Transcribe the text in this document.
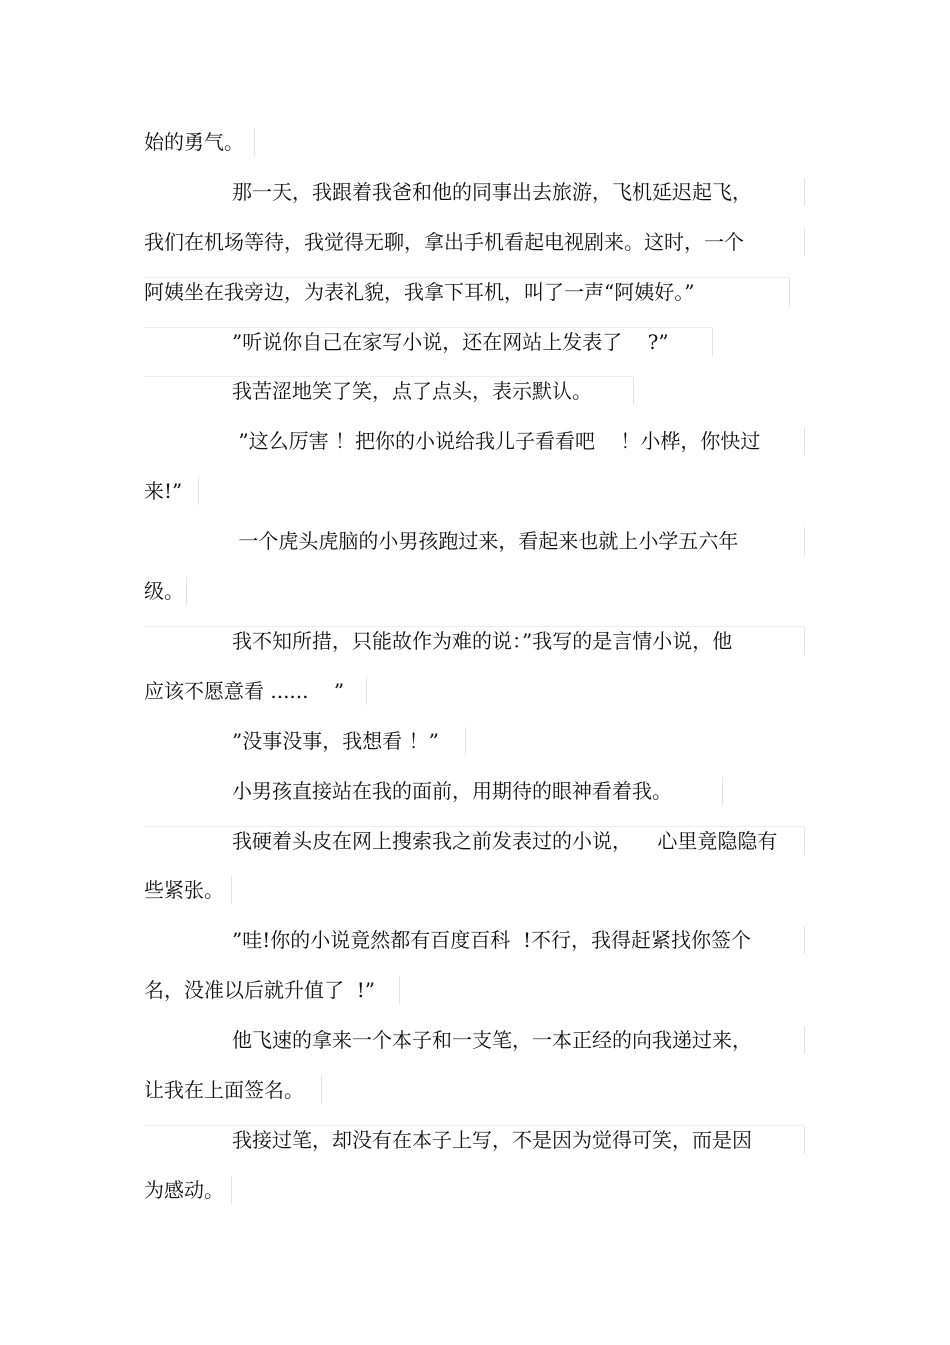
始的勇气。
那一天，我跟着我爸和他的同事出去旅游，飞机延迟起飞，
我们在机场等待，我觉得无聊，拿出手机看起电视剧来。这时，一个
阿姨坐在我旁边，为表礼貌，我拿下耳机，叫了一声“阿姨好。”
”听说你自己在家写小说，还在网站上发表了    ?”
我苦涩地笑了笑，点了点头，表示默认。
”这么厉害 ！把你的小说给我儿子看看吧    ！小桦，你快过
来!”
一个虎头虎脑的小男孩跑过来，看起来也就上小学五六年
级。
我不知所措，只能故作为难的说：”我写的是言情小说，他
应该不愿意看 ......    ”
”没事没事，我想看 ！”
小男孩直接站在我的面前，用期待的眼神看着我。
我硬着头皮在网上搜索我之前发表过的小说，    心里竟隐隐有
些紧张。
”哇!你的小说竟然都有百度百科  !不行，我得赶紧找你签个
名，没准以后就升值了  !”
他飞速的拿来一个本子和一支笔，一本正经的向我递过来，
让我在上面签名。
我接过笔，却没有在本子上写，不是因为觉得可笑，而是因
为感动。
